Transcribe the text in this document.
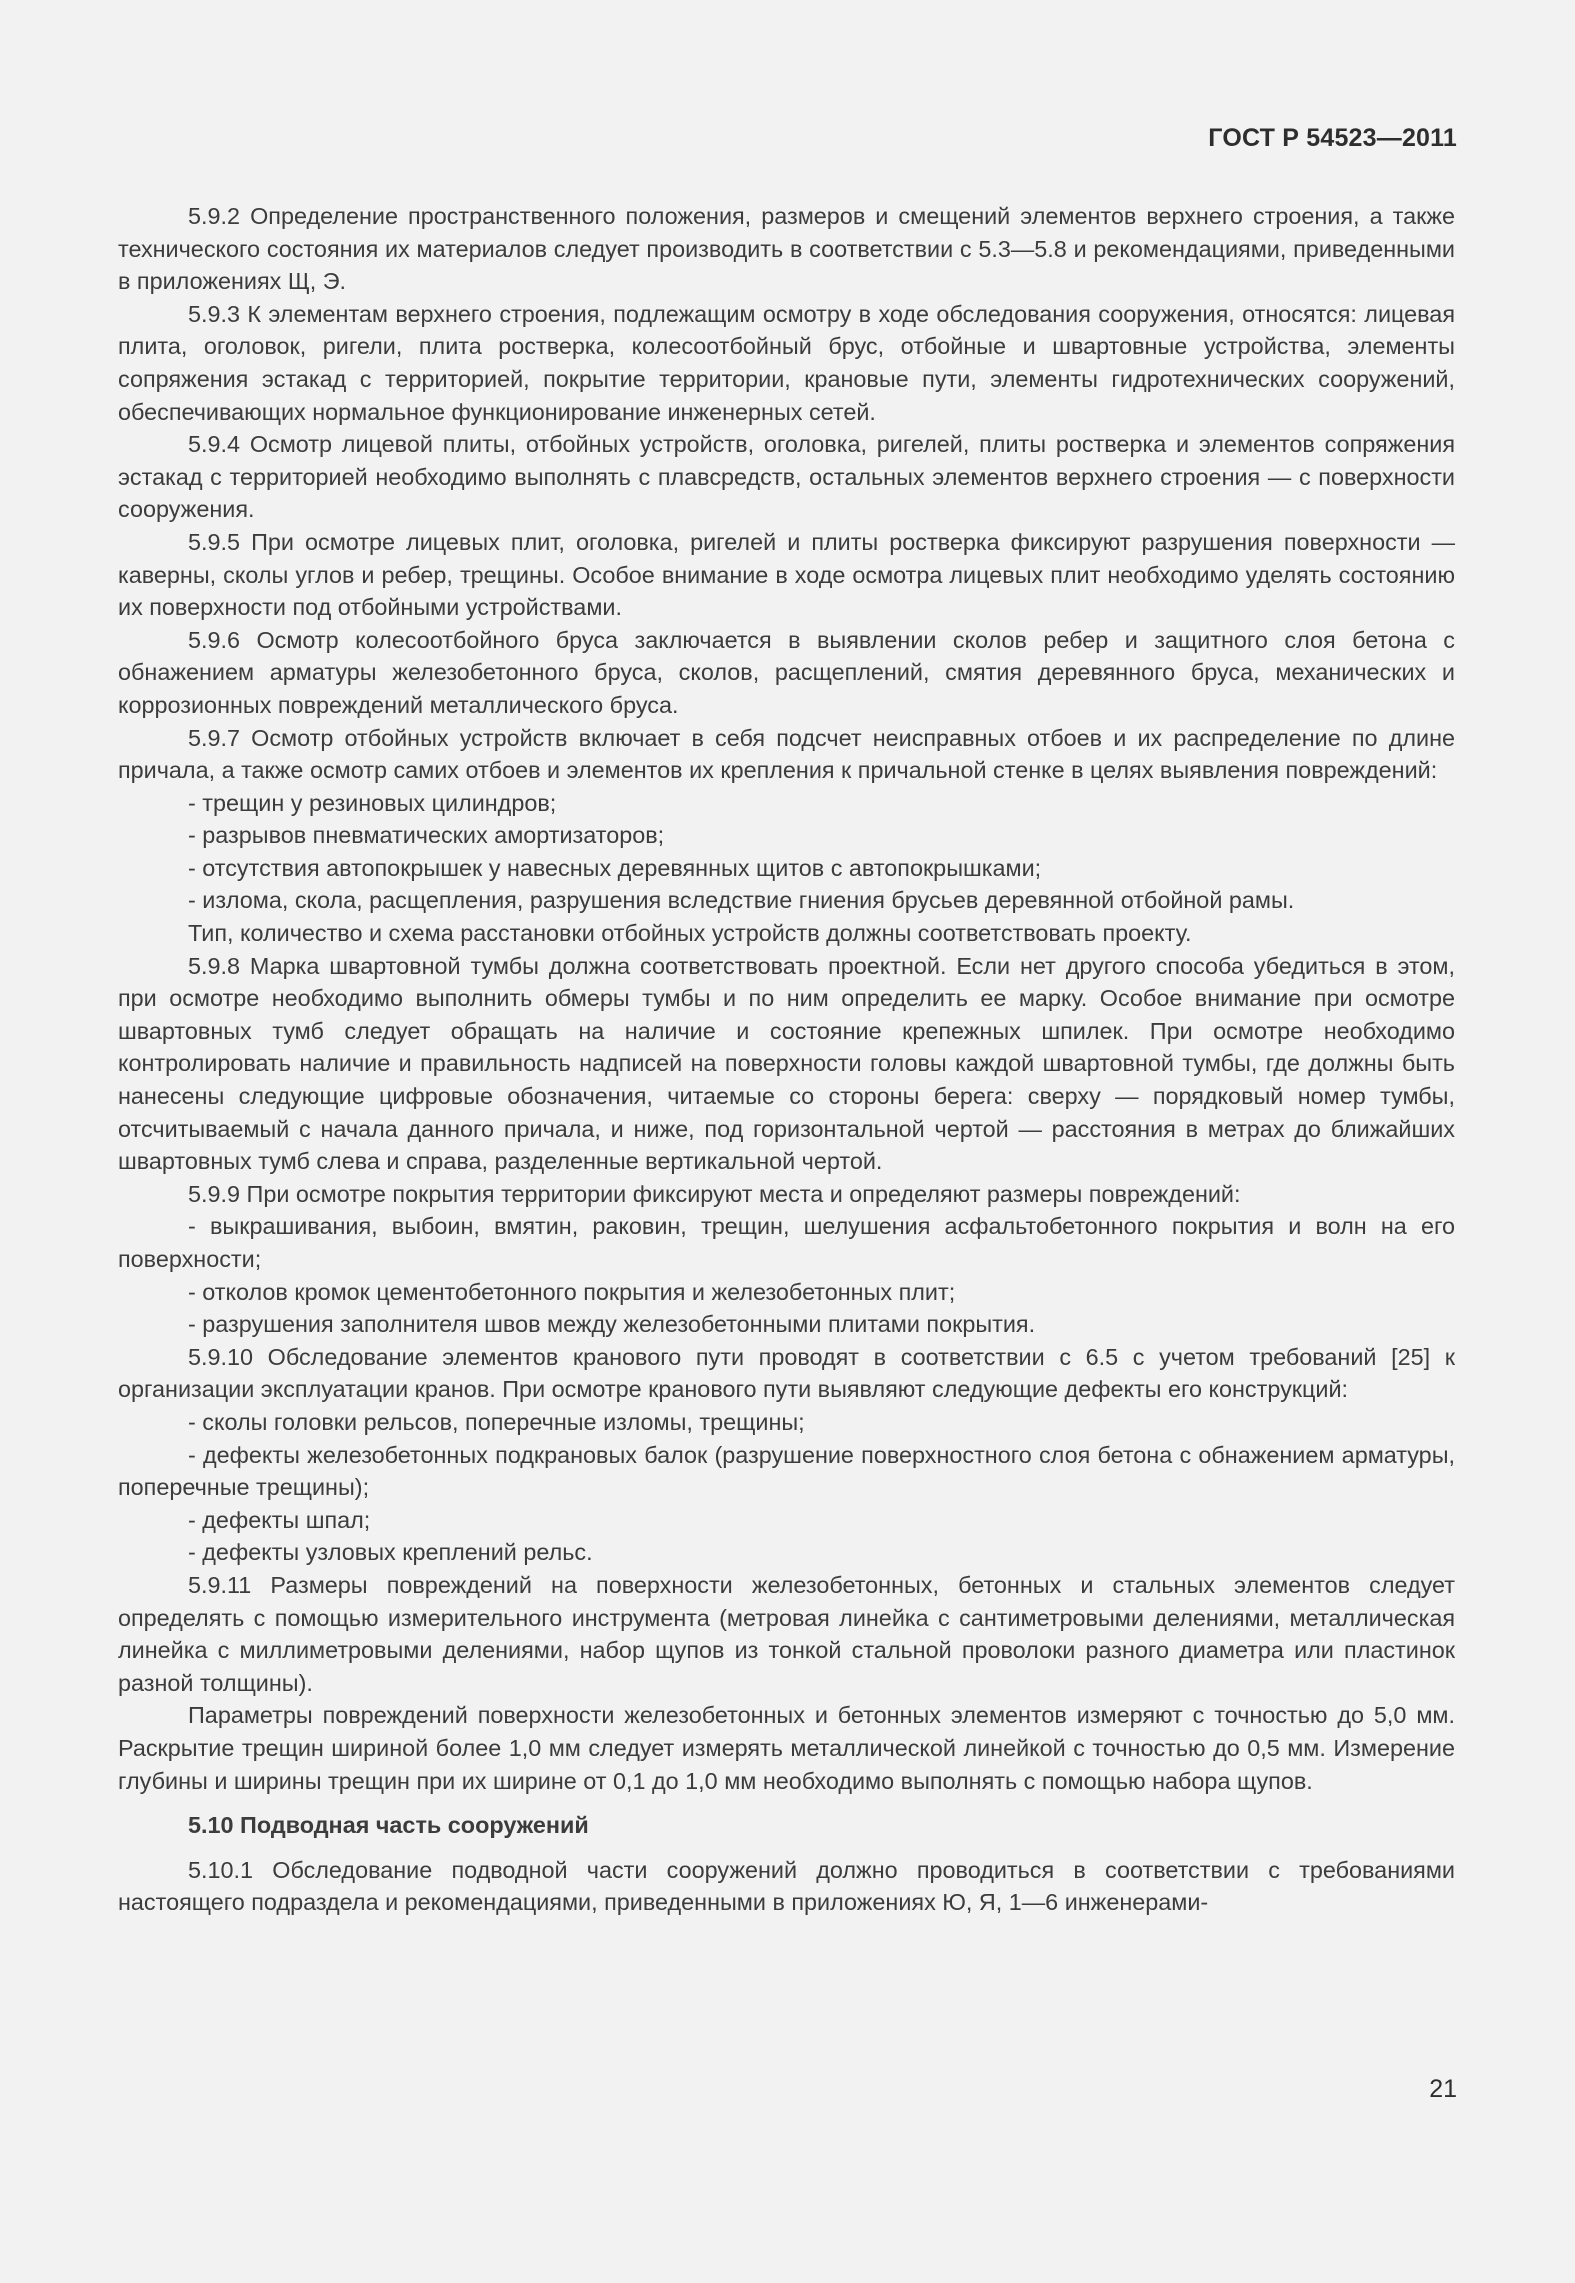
ГОСТ Р 54523—2011

5.9.2 Определение пространственного положения, размеров и смещений элементов верхнего строения, а также технического состояния их материалов следует производить в соответствии с 5.3—5.8 и рекомендациями, приведенными в приложениях Щ, Э.

5.9.3 К элементам верхнего строения, подлежащим осмотру в ходе обследования сооружения, относятся: лицевая плита, оголовок, ригели, плита ростверка, колесоотбойный брус, отбойные и швартовные устройства, элементы сопряжения эстакад с территорией, покрытие территории, крановые пути, элементы гидротехнических сооружений, обеспечивающих нормальное функционирование инженерных сетей.

5.9.4 Осмотр лицевой плиты, отбойных устройств, оголовка, ригелей, плиты ростверка и элементов сопряжения эстакад с территорией необходимо выполнять с плавсредств, остальных элементов верхнего строения — с поверхности сооружения.

5.9.5 При осмотре лицевых плит, оголовка, ригелей и плиты ростверка фиксируют разрушения поверхности — каверны, сколы углов и ребер, трещины. Особое внимание в ходе осмотра лицевых плит необходимо уделять состоянию их поверхности под отбойными устройствами.

5.9.6 Осмотр колесоотбойного бруса заключается в выявлении сколов ребер и защитного слоя бетона с обнажением арматуры железобетонного бруса, сколов, расщеплений, смятия деревянного бруса, механических и коррозионных повреждений металлического бруса.

5.9.7 Осмотр отбойных устройств включает в себя подсчет неисправных отбоев и их распределение по длине причала, а также осмотр самих отбоев и элементов их крепления к причальной стенке в целях выявления повреждений:

- трещин у резиновых цилиндров;

- разрывов пневматических амортизаторов;

- отсутствия автопокрышек у навесных деревянных щитов с автопокрышками;

- излома, скола, расщепления, разрушения вследствие гниения брусьев деревянной отбойной рамы.

Тип, количество и схема расстановки отбойных устройств должны соответствовать проекту.

5.9.8 Марка швартовной тумбы должна соответствовать проектной. Если нет другого способа убедиться в этом, при осмотре необходимо выполнить обмеры тумбы и по ним определить ее марку. Особое внимание при осмотре швартовных тумб следует обращать на наличие и состояние крепежных шпилек. При осмотре необходимо контролировать наличие и правильность надписей на поверхности головы каждой швартовной тумбы, где должны быть нанесены следующие цифровые обозначения, читаемые со стороны берега: сверху — порядковый номер тумбы, отсчитываемый с начала данного причала, и ниже, под горизонтальной чертой — расстояния в метрах до ближайших швартовных тумб слева и справа, разделенные вертикальной чертой.

5.9.9 При осмотре покрытия территории фиксируют места и определяют размеры повреждений:

- выкрашивания, выбоин, вмятин, раковин, трещин, шелушения асфальтобетонного покрытия и волн на его поверхности;

- отколов кромок цементобетонного покрытия и железобетонных плит;

- разрушения заполнителя швов между железобетонными плитами покрытия.

5.9.10 Обследование элементов кранового пути проводят в соответствии с 6.5 с учетом требований [25] к организации эксплуатации кранов. При осмотре кранового пути выявляют следующие дефекты его конструкций:

- сколы головки рельсов, поперечные изломы, трещины;

- дефекты железобетонных подкрановых балок (разрушение поверхностного слоя бетона с обнажением арматуры, поперечные трещины);

- дефекты шпал;

- дефекты узловых креплений рельс.

5.9.11 Размеры повреждений на поверхности железобетонных, бетонных и стальных элементов следует определять с помощью измерительного инструмента (метровая линейка с сантиметровыми делениями, металлическая линейка с миллиметровыми делениями, набор щупов из тонкой стальной проволоки разного диаметра или пластинок разной толщины).

Параметры повреждений поверхности железобетонных и бетонных элементов измеряют с точностью до 5,0 мм. Раскрытие трещин шириной более 1,0 мм следует измерять металлической линейкой с точностью до 0,5 мм. Измерение глубины и ширины трещин при их ширине от 0,1 до 1,0 мм необходимо выполнять с помощью набора щупов.

5.10 Подводная часть сооружений

5.10.1 Обследование подводной части сооружений должно проводиться в соответствии с требованиями настоящего подраздела и рекомендациями, приведенными в приложениях Ю, Я, 1—6 инженерами-

21
